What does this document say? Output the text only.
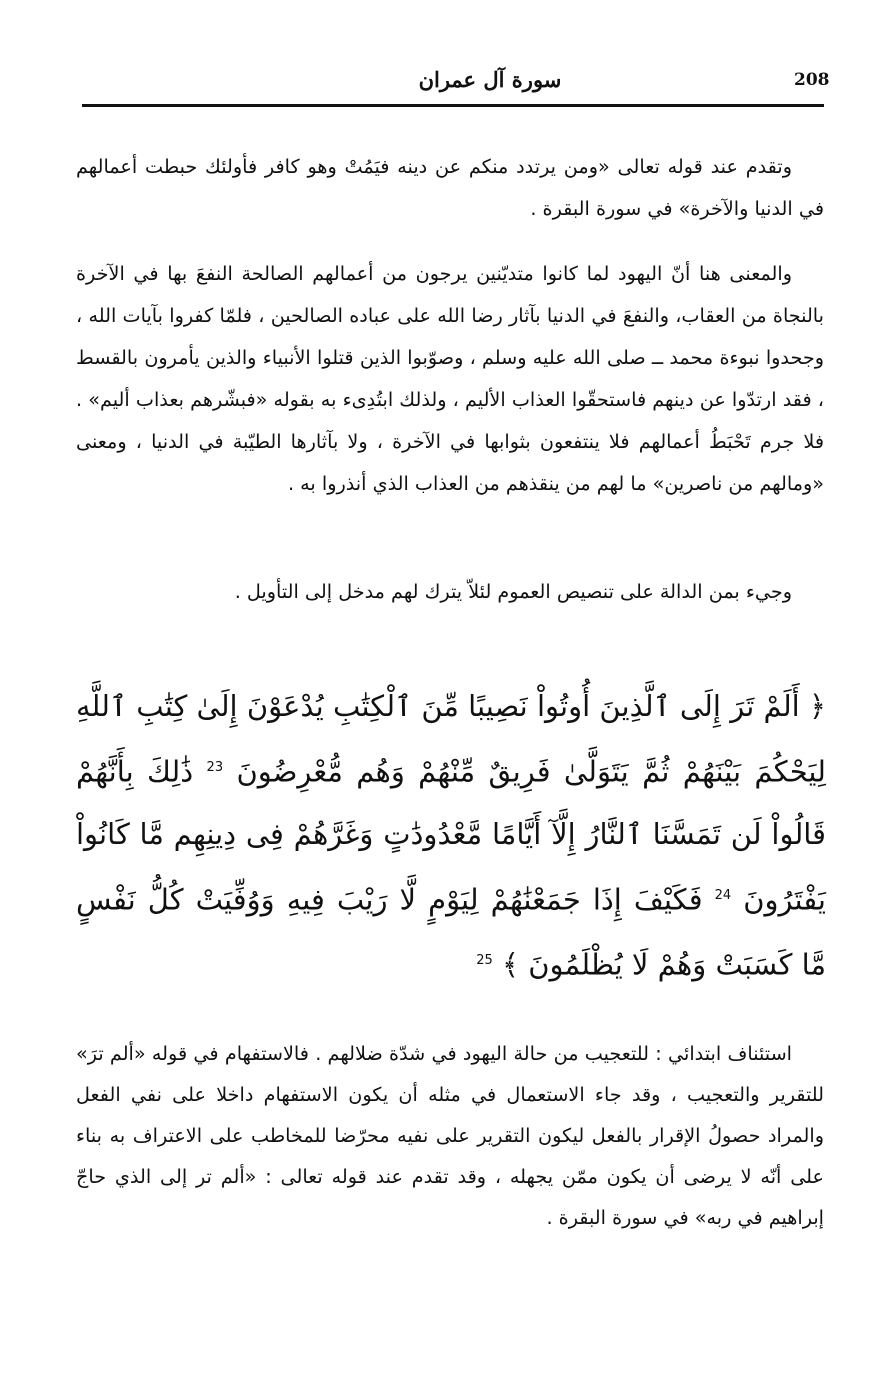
208
سورة آل عمران

وتقدم عند قوله تعالى «ومن يرتدد منكم عن دينه فيَمُتْ وهو كافر فأولئك حبطت أعمالهم في الدنيا والآخرة» في سورة البقرة .

والمعنى هنا أنّ اليهود لما كانوا متديّنين يرجون من أعمالهم الصالحة النفعَ بها في الآخرة بالنجاة من العقاب، والنفعَ في الدنيا بآثار رضا الله على عباده الصالحين ، فلمّا كفروا بآيات الله ، وجحدوا نبوءة محمد ــ صلى الله عليه وسلم ، وصوّبوا الذين قتلوا الأنبياء والذين يأمرون بالقسط ، فقد ارتدّوا عن دينهم فاستحقّوا العذاب الأليم ، ولذلك ابتُدِىء به بقوله «فبشّرهم بعذاب أليم» . فلا جرم تَحْبَطُ أعمالهم فلا ينتفعون بثوابها في الآخرة ، ولا بآثارها الطيّبة في الدنيا ، ومعنى «ومالهم من ناصرين» ما لهم من ينقذهم من العذاب الذي أنذروا به .

وجيء بمن الدالة على تنصيص العموم لئلاّ يترك لهم مدخل إلى التأويل .

﴿ أَلَمْ تَرَ إِلَى ٱلَّذِينَ أُوتُواْ نَصِيبًا مِّنَ ٱلْكِتَٰبِ يُدْعَوْنَ إِلَىٰ كِتَٰبِ ٱللَّهِ لِيَحْكُمَ بَيْنَهُمْ ثُمَّ يَتَوَلَّىٰ فَرِيقٌ مِّنْهُمْ وَهُم مُّعْرِضُونَ $^{23}$ ذَٰلِكَ بِأَنَّهُمْ قَالُواْ لَن تَمَسَّنَا ٱلنَّارُ إِلَّآ أَيَّامًا مَّعْدُودَٰتٍ وَغَرَّهُمْ فِى دِينِهِم مَّا كَانُواْ يَفْتَرُونَ $^{24}$ فَكَيْفَ إِذَا جَمَعْنَٰهُمْ لِيَوْمٍ لَّا رَيْبَ فِيهِ وَوُفِّيَتْ كُلُّ نَفْسٍ مَّا كَسَبَتْ وَهُمْ لَا يُظْلَمُونَ ﴾ $^{25}$

استئناف ابتدائي : للتعجيب من حالة اليهود في شدّة ضلالهم . فالاستفهام في قوله «ألم ترَ» للتقرير والتعجيب ، وقد جاء الاستعمال في مثله أن يكون الاستفهام داخلا على نفي الفعل والمراد حصولُ الإقرار بالفعل ليكون التقرير على نفيه محرّضا للمخاطب على الاعتراف به بناء على أنّه لا يرضى أن يكون ممّن يجهله ، وقد تقدم عند قوله تعالى : «ألم تر إلى الذي حاجّ إبراهيم في ربه» في سورة البقرة .
